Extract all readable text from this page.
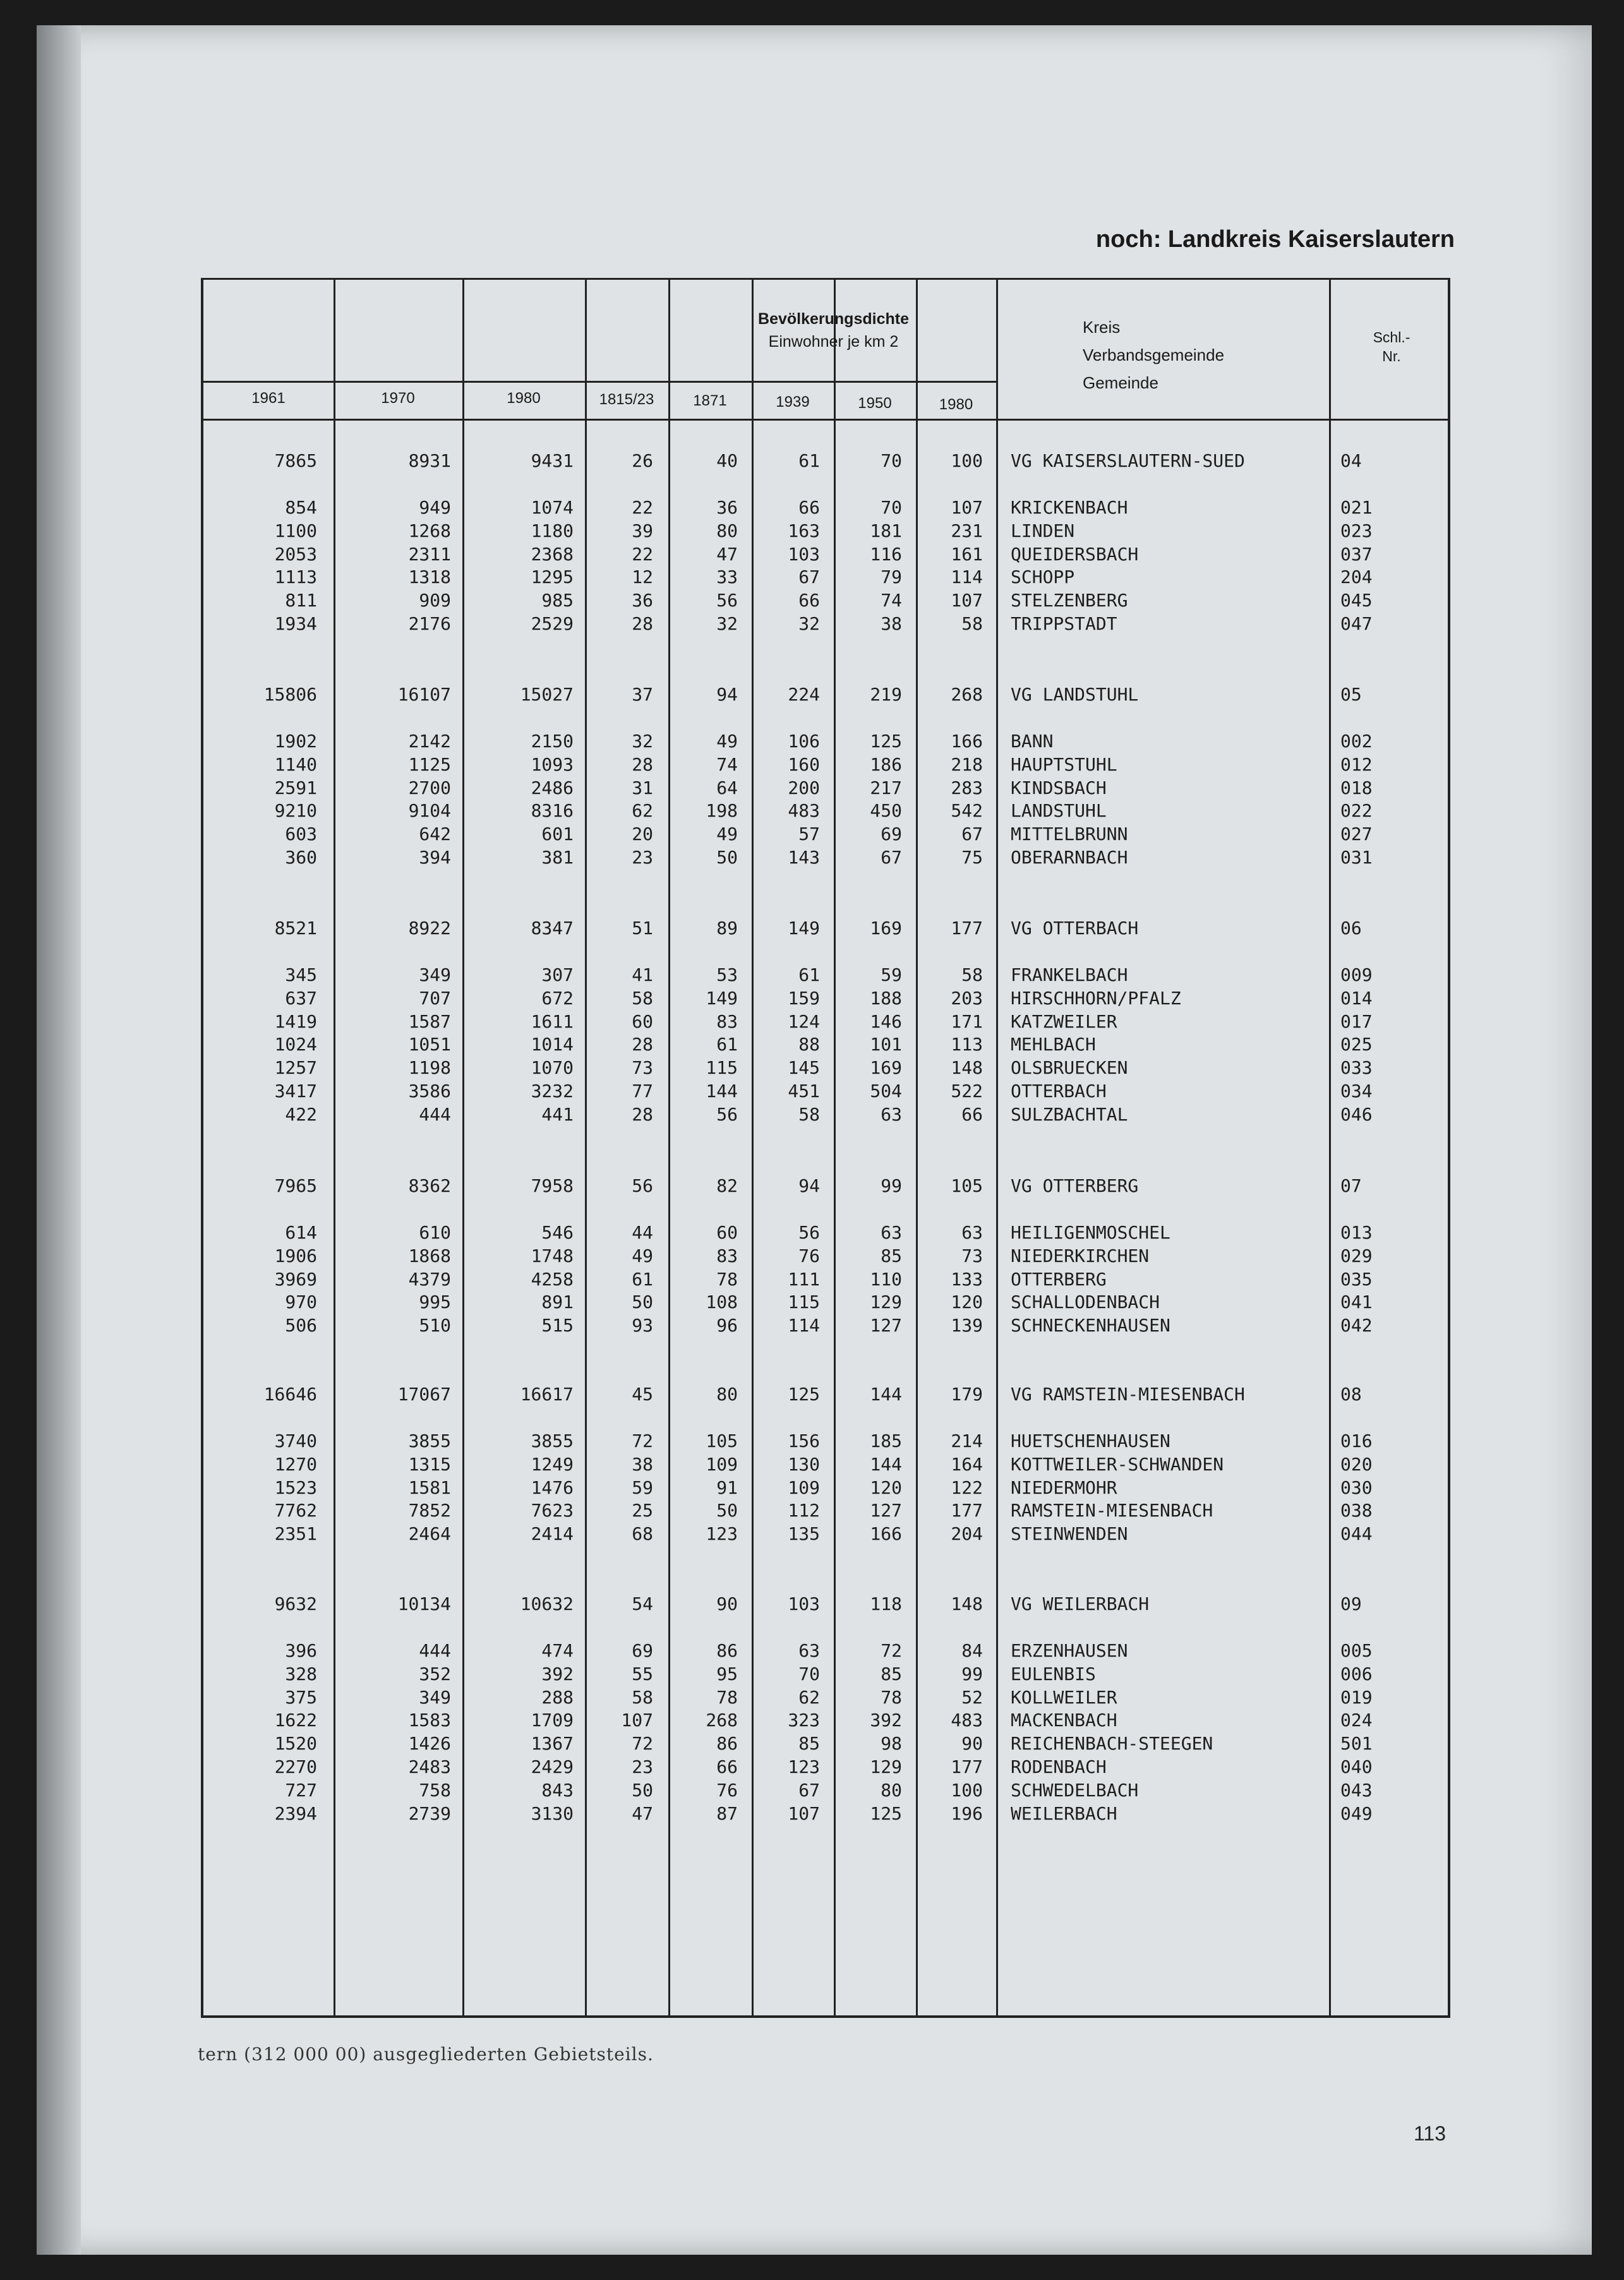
noch: Landkreis Kaiserslautern
Bevölkerungsdichte
Einwohner je km 2
Kreis
Verbandsgemeinde
Gemeinde
Schl.-
Nr.
1961	1970	1980	1815/23	1871	1939	1950	1980
7865	8931	9431	26	40	61	70	100 VG KAISERSLAUTERN-SUED	04
854	949	1074	22	36	66	70	107 KRICKENBACH	021
1100	1268	1180	39	80	163	181	231 LINDEN	023
2053	2311	2368	22	47	103	116	161 QUEIDERSBACH	037
1113	1318	1295	12	33	67	79	114 SCHOPP	204
811	909	985	36	56	66	74	107 STELZENBERG	045
1934	2176	2529	28	32	32	38	58 TRIPPSTADT	047
15806	16107	15027	37	94	224	219	268 VG LANDSTUHL	05
1902	2142	2150	32	49	106	125	166 BANN	002
1140	1125	1093	28	74	160	186	218 HAUPTSTUHL	012
2591	2700	2486	31	64	200	217	283 KINDSBACH	018
9210	9104	8316	62	198	483	450	542 LANDSTUHL	022
603	642	601	20	49	57	69	67 MITTELBRUNN	027
360	394	381	23	50	143	67	75 OBERARNBACH	031
8521	8922	8347	51	89	149	169	177 VG OTTERBACH	06
345	349	307	41	53	61	59	58 FRANKELBACH	009
637	707	672	58	149	159	188	203 HIRSCHHORN/PFALZ	014
1419	1587	1611	60	83	124	146	171 KATZWEILER	017
1024	1051	1014	28	61	88	101	113 MEHLBACH	025
1257	1198	1070	73	115	145	169	148 OLSBRUECKEN	033
3417	3586	3232	77	144	451	504	522 OTTERBACH	034
422	444	441	28	56	58	63	66 SULZBACHTAL	046
7965	8362	7958	56	82	94	99	105 VG OTTERBERG	07
614	610	546	44	60	56	63	63 HEILIGENMOSCHEL	013
1906	1868	1748	49	83	76	85	73 NIEDERKIRCHEN	029
3969	4379	4258	61	78	111	110	133 OTTERBERG	035
970	995	891	50	108	115	129	120 SCHALLODENBACH	041
506	510	515	93	96	114	127	139 SCHNECKENHAUSEN	042
16646	17067	16617	45	80	125	144	179 VG RAMSTEIN-MIESENBACH	08
3740	3855	3855	72	105	156	185	214 HUETSCHENHAUSEN	016
1270	1315	1249	38	109	130	144	164 KOTTWEILER-SCHWANDEN	020
1523	1581	1476	59	91	109	120	122 NIEDERMOHR	030
7762	7852	7623	25	50	112	127	177 RAMSTEIN-MIESENBACH	038
2351	2464	2414	68	123	135	166	204 STEINWENDEN	044
9632	10134	10632	54	90	103	118	148 VG WEILERBACH	09
396	444	474	69	86	63	72	84 ERZENHAUSEN	005
328	352	392	55	95	70	85	99 EULENBIS	006
375	349	288	58	78	62	78	52 KOLLWEILER	019
1622	1583	1709	107	268	323	392	483 MACKENBACH	024
1520	1426	1367	72	86	85	98	90 REICHENBACH-STEEGEN	501
2270	2483	2429	23	66	123	129	177 RODENBACH	040
727	758	843	50	76	67	80	100 SCHWEDELBACH	043
2394	2739	3130	47	87	107	125	196 WEILERBACH	049
tern (312 000 00) ausgegliederten Gebietsteils.
113
